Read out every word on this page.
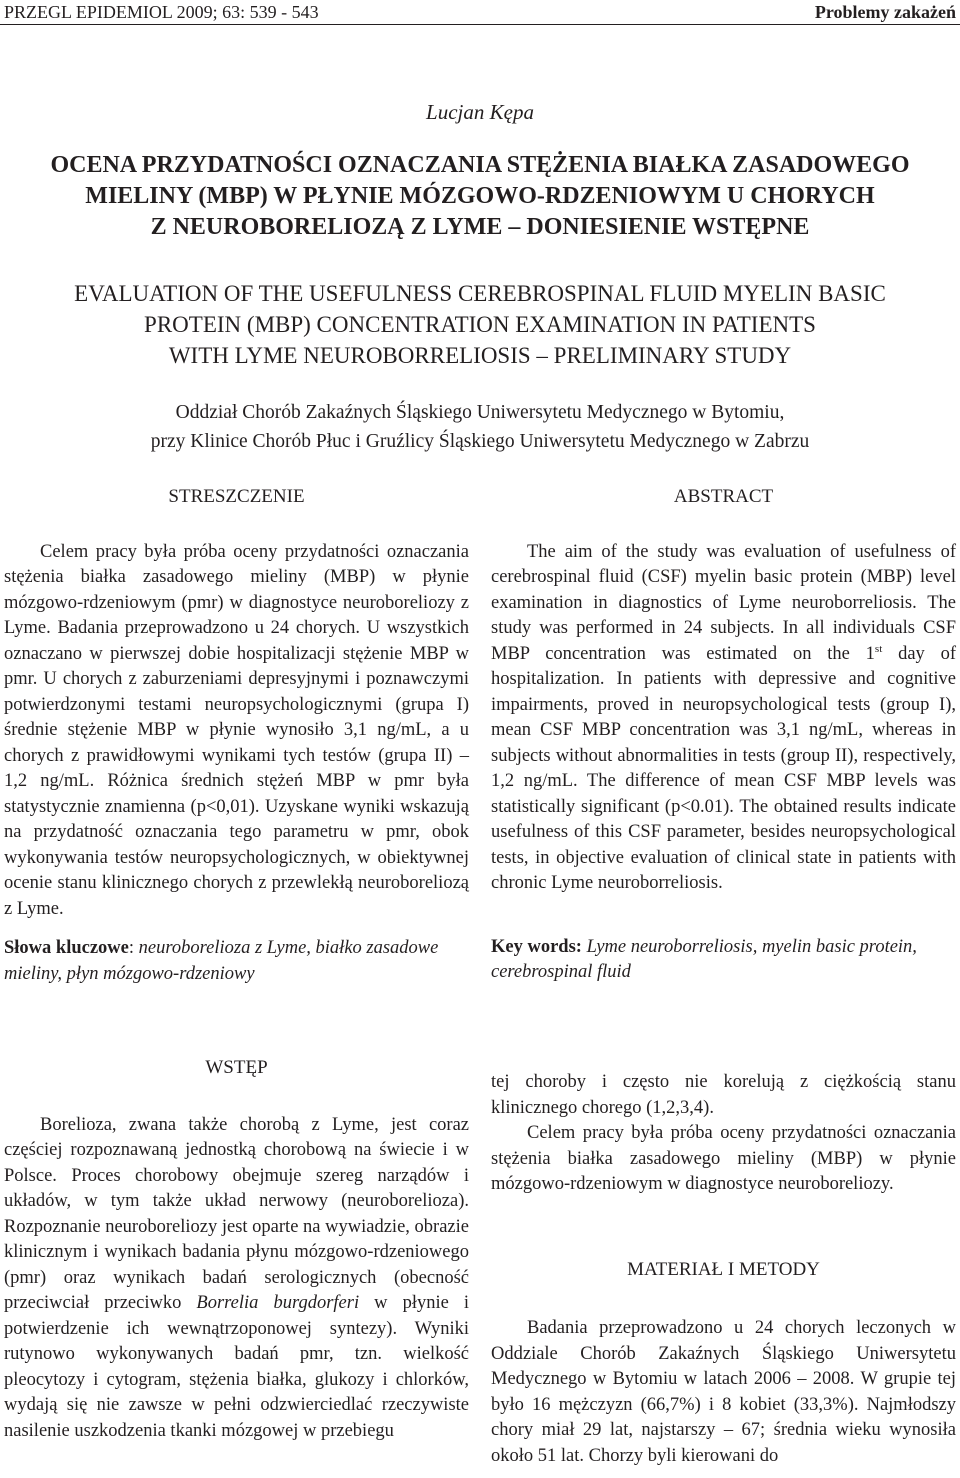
PRZEGL EPIDEMIOL 2009; 63: 539 - 543	Problemy zakażeń
Lucjan Kępa
OCENA PRZYDATNOŚCI OZNACZANIA STĘŻENIA BIAŁKA ZASADOWEGO
MIELINY (MBP) W PŁYNIE MÓZGOWO-RDZENIOWYM U CHORYCH
Z NEUROBORELIOZĄ Z LYME – DONIESIENIE WSTĘPNE
EVALUATION OF THE USEFULNESS CEREBROSPINAL FLUID MYELIN BASIC
PROTEIN (MBP) CONCENTRATION EXAMINATION IN PATIENTS
WITH LYME NEUROBORRELIOSIS – PRELIMINARY STUDY
Oddział Chorób Zakaźnych Śląskiego Uniwersytetu Medycznego w Bytomiu,
przy Klinice Chorób Płuc i Gruźlicy Śląskiego Uniwersytetu Medycznego w Zabrzu

STRESZCZENIE

Celem pracy była próba oceny przydatności oznaczania stężenia białka zasadowego mieliny (MBP) w płynie mózgowo-rdzeniowym (pmr) w diagnostyce neuroboreliozy z Lyme. Badania przeprowadzono u 24 chorych. U wszystkich oznaczano w pierwszej dobie hospitalizacji stężenie MBP w pmr. U chorych z zaburzeniami depresyjnymi i poznawczymi potwierdzonymi testami neuropsychologicznymi (grupa I) średnie stężenie MBP w płynie wynosiło 3,1 ng/mL, a u chorych z prawidłowymi wynikami tych testów (grupa II) – 1,2 ng/mL. Różnica średnich stężeń MBP w pmr była statystycznie znamienna (p<0,01). Uzyskane wyniki wskazują na przydatność oznaczania tego parametru w pmr, obok wykonywania testów neuropsychologicznych, w obiektywnej ocenie stanu klinicznego chorych z przewlekłą neuroboreliozą z Lyme.

Słowa kluczowe: neuroborelioza z Lyme, białko zasadowe mieliny, płyn mózgowo-rdzeniowy

ABSTRACT

The aim of the study was evaluation of usefulness of cerebrospinal fluid (CSF) myelin basic protein (MBP) level examination in diagnostics of Lyme neuroborreliosis. The study was performed in 24 subjects. In all individuals CSF MBP concentration was estimated on the 1st day of hospitalization. In patients with depressive and cognitive impairments, proved in neuropsychological tests (group I), mean CSF MBP concentration was 3,1 ng/mL, whereas in subjects without abnormalities in tests (group II), respectively, 1,2 ng/mL. The difference of mean CSF MBP levels was statistically significant (p<0.01). The obtained results indicate usefulness of this CSF parameter, besides neuropsychological tests, in objective evaluation of clinical state in patients with chronic Lyme neuroborreliosis.

Key words: Lyme neuroborreliosis, myelin basic protein, cerebrospinal fluid

WSTĘP

Borelioza, zwana także chorobą z Lyme, jest coraz częściej rozpoznawaną jednostką chorobową na świecie i w Polsce. Proces chorobowy obejmuje szereg narządów i układów, w tym także układ nerwowy (neuroborelioza). Rozpoznanie neuroboreliozy jest oparte na wywiadzie, obrazie klinicznym i wynikach badania płynu mózgowo-rdzeniowego (pmr) oraz wynikach badań serologicznych (obecność przeciwciał przeciwko Borrelia burgdorferi w płynie i potwierdzenie ich wewnątrzoponowej syntezy). Wyniki rutynowo wykonywanych badań pmr, tzn. wielkość pleocytozy i cytogram, stężenia białka, glukozy i chlorków, wydają się nie zawsze w pełni odzwierciedlać rzeczywiste nasilenie uszkodzenia tkanki mózgowej w przebiegu

tej choroby i często nie korelują z ciężkością stanu klinicznego chorego (1,2,3,4).

Celem pracy była próba oceny przydatności oznaczania stężenia białka zasadowego mieliny (MBP) w płynie mózgowo-rdzeniowym w diagnostyce neuroboreliozy.

MATERIAŁ I METODY

Badania przeprowadzono u 24 chorych leczonych w Oddziale Chorób Zakaźnych Śląskiego Uniwersytetu Medycznego w Bytomiu w latach 2006 – 2008. W grupie tej było 16 mężczyzn (66,7%) i 8 kobiet (33,3%). Najmłodszy chory miał 29 lat, najstarszy – 67; średnia wieku wynosiła około 51 lat. Chorzy byli kierowani do
